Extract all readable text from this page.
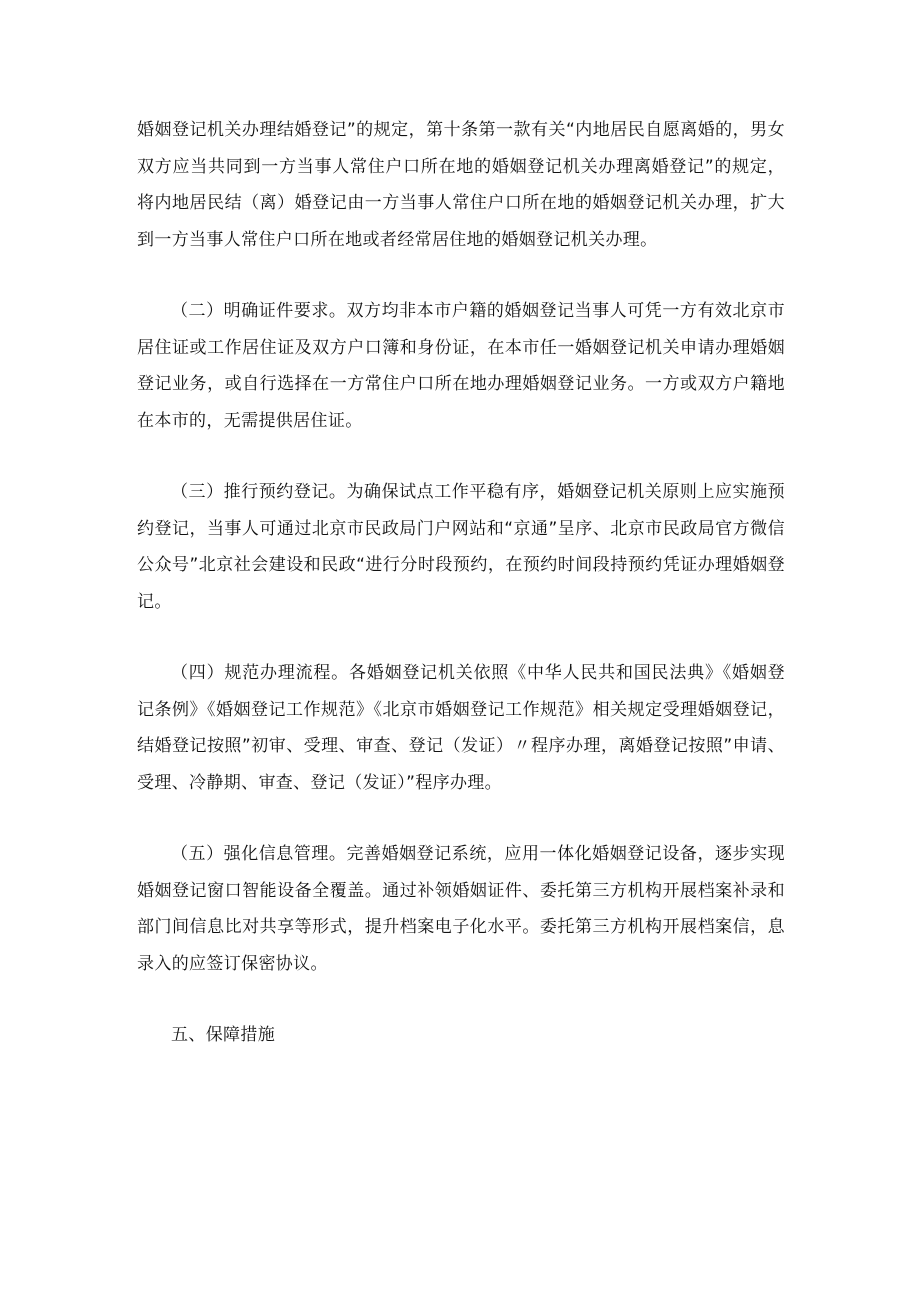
婚姻登记机关办理结婚登记”的规定，第十条第一款有关“内地居民自愿离婚的，男女双方应当共同到一方当事人常住户口所在地的婚姻登记机关办理离婚登记”的规定，将内地居民结（离）婚登记由一方当事人常住户口所在地的婚姻登记机关办理，扩大到一方当事人常住户口所在地或者经常居住地的婚姻登记机关办理。

（二）明确证件要求。双方均非本市户籍的婚姻登记当事人可凭一方有效北京市居住证或工作居住证及双方户口簿和身份证，在本市任一婚姻登记机关申请办理婚姻登记业务，或自行选择在一方常住户口所在地办理婚姻登记业务。一方或双方户籍地在本市的，无需提供居住证。

（三）推行预约登记。为确保试点工作平稳有序，婚姻登记机关原则上应实施预约登记，当事人可通过北京市民政局门户网站和“京通”呈序、北京市民政局官方微信公众号”北京社会建设和民政“进行分时段预约，在预约时间段持预约凭证办理婚姻登记。

（四）规范办理流程。各婚姻登记机关依照《中华人民共和国民法典》《婚姻登记条例》《婚姻登记工作规范》《北京市婚姻登记工作规范》相关规定受理婚姻登记，结婚登记按照”初审、受理、审查、登记（发证）〃程序办理，离婚登记按照”申请、受理、冷静期、审查、登记（发证）”程序办理。

（五）强化信息管理。完善婚姻登记系统，应用一体化婚姻登记设备，逐步实现婚姻登记窗口智能设备全覆盖。通过补领婚姻证件、委托第三方机构开展档案补录和部门间信息比对共享等形式，提升档案电子化水平。委托第三方机构开展档案信，息录入的应签订保密协议。

五、保障措施
